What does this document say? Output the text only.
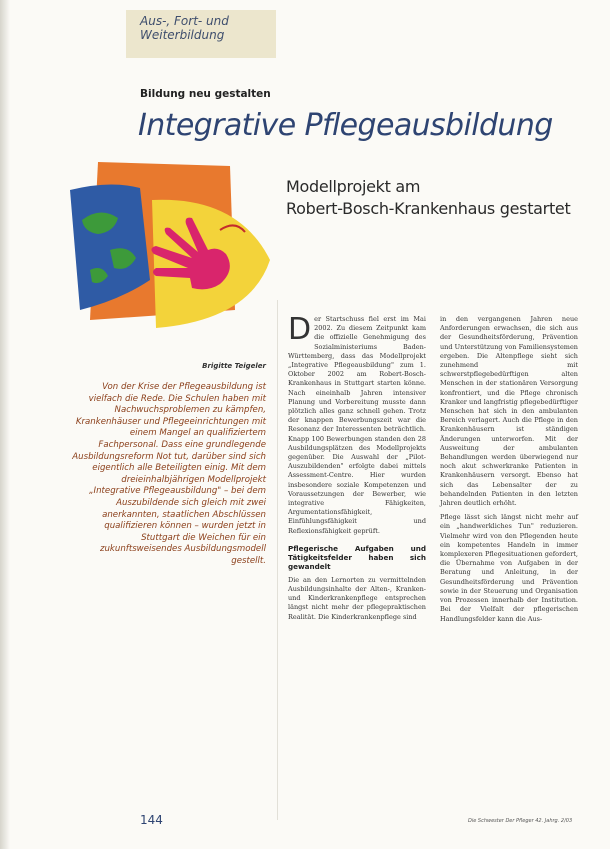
Aus-, Fort- und
Weiterbildung
Bildung neu gestalten
Integrative Pflegeausbildung
Modellprojekt am
Robert-Bosch-Krankenhaus gestartet
Brigitte Teigeler
Von der Krise der Pflegeausbildung ist vielfach die Rede. Die Schulen haben mit Nachwuchsproblemen zu kämpfen, Krankenhäuser und Pflegeeinrichtungen mit einem Mangel an qualifiziertem Fachpersonal. Dass eine grundlegende Ausbildungsreform Not tut, darüber sind sich eigentlich alle Beteiligten einig. Mit dem dreieinhalbjährigen Modellprojekt „Integrative Pflegeausbildung" – bei dem Auszubildende sich gleich mit zwei anerkannten, staatlichen Abschlüssen qualifizieren können – wurden jetzt in Stuttgart die Weichen für ein zukunftsweisendes Ausbildungsmodell gestellt.

Der Startschuss fiel erst im Mai 2002. Zu diesem Zeitpunkt kam die offizielle Genehmigung des Sozialministeriums Baden-Württemberg, dass das Modellprojekt „Integrative Pflegeausbildung" zum 1. Oktober 2002 am Robert-Bosch-Krankenhaus in Stuttgart starten könne. Nach eineinhalb Jahren intensiver Planung und Vorbereitung musste dann plötzlich alles ganz schnell gehen. Trotz der knappen Bewerbungszeit war die Resonanz der Interessenten beträchtlich. Knapp 100 Bewerbungen standen den 28 Ausbildungsplätzen des Modellprojekts gegenüber. Die Auswahl der „Pilot-Auszubildenden" erfolgte dabei mittels Assessment-Centre. Hier wurden insbesondere soziale Kompetenzen und Voraussetzungen der Bewerber, wie integrative Fähigkeiten, Argumentationsfähigkeit, Einfühlungsfähigkeit und Reflexionsfähigkeit geprüft.

Pflegerische Aufgaben und Tätigkeitsfelder haben sich gewandelt

Die an den Lernorten zu vermittelnden Ausbildungsinhalte der Alten-, Kranken- und Kinderkrankenpflege entsprechen längst nicht mehr der pflegepraktischen Realität. Die Kinderkrankenpflege sind

in den vergangenen Jahren neue Anforderungen erwachsen, die sich aus der Gesundheitsförderung, Prävention und Unterstützung von Familiensystemen ergeben. Die Altenpflege sieht sich zunehmend mit schwerstpflegebedürftigen alten Menschen in der stationären Versorgung konfrontiert, und die Pflege chronisch Kranker und langfristig pflegebedürftiger Menschen hat sich in den ambulanten Bereich verlagert. Auch die Pflege in den Krankenhäusern ist ständigen Änderungen unterworfen. Mit der Ausweitung der ambulanten Behandlungen werden überwiegend nur noch akut schwerkranke Patienten in Krankenhäusern versorgt. Ebenso hat sich das Lebensalter der zu behandelnden Patienten in den letzten Jahren deutlich erhöht.

Pflege lässt sich längst nicht mehr auf ein „handwerkliches Tun" reduzieren. Vielmehr wird von den Pflegenden heute ein kompetentes Handeln in immer komplexeren Pflegesituationen gefordert, die Übernahme von Aufgaben in der Beratung und Anleitung, in der Gesundheitsförderung und Prävention sowie in der Steuerung und Organisation von Prozessen innerhalb der Institution. Bei der Vielfalt der pflegerischen Handlungsfelder kann die Aus-

144	Die Schwester Der Pfleger 42. Jahrg. 2/03
